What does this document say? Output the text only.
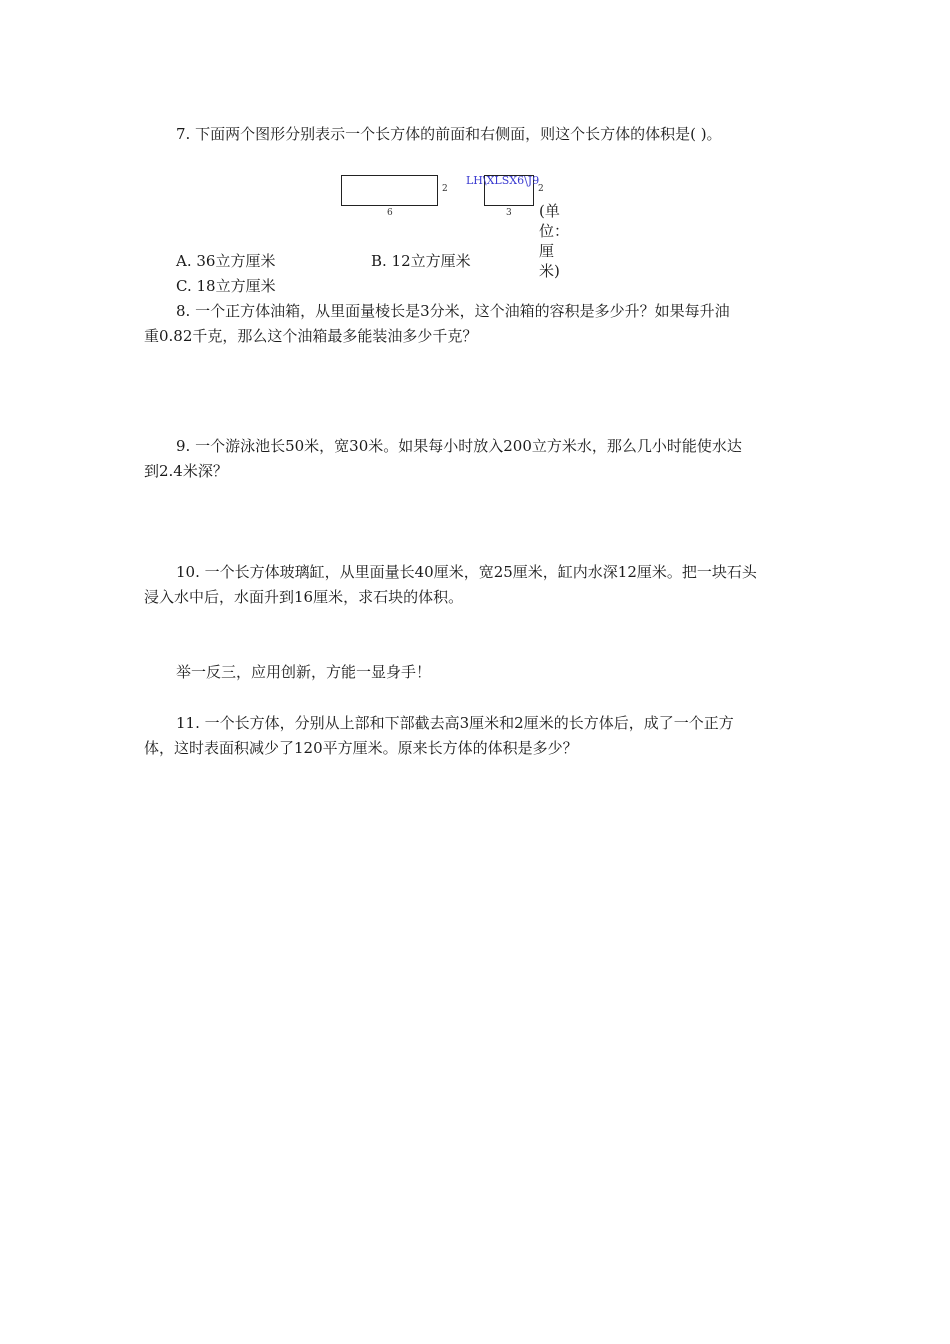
7. 下面两个图形分别表示一个长方体的前面和右侧面，则这个长方体的体积是( )。
2
6
LH\XLSX6\J9
2
3 (单位：厘米)
A. 36立方厘米	B. 12立方厘米
C. 18立方厘米
8. 一个正方体油箱，从里面量棱长是3分米，这个油箱的容积是多少升？如果每升油
重0.82千克，那么这个油箱最多能装油多少千克？
9. 一个游泳池长50米，宽30米。如果每小时放入200立方米水，那么几小时能使水达
到2.4米深？
10. 一个长方体玻璃缸，从里面量长40厘米，宽25厘米，缸内水深12厘米。把一块石头
浸入水中后，水面升到16厘米，求石块的体积。
举一反三，应用创新，方能一显身手！
11. 一个长方体，分别从上部和下部截去高3厘米和2厘米的长方体后，成了一个正方
体，这时表面积减少了120平方厘米。原来长方体的体积是多少？
